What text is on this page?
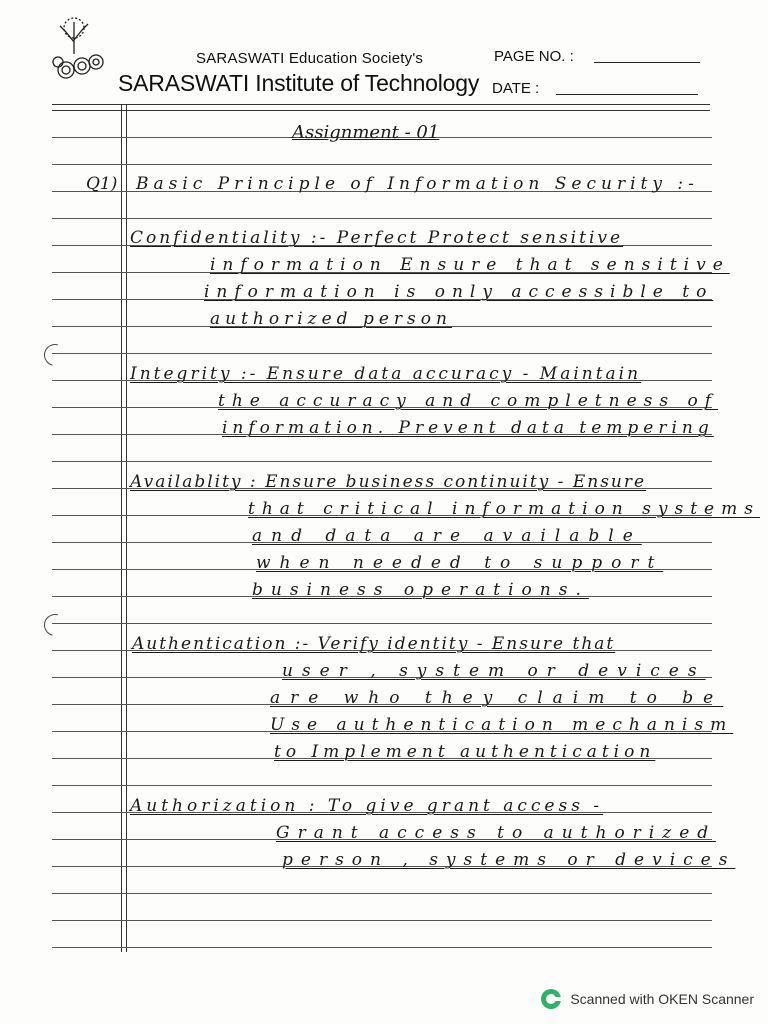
SARASWATI Education Society's
SARASWATI Institute of Technology
PAGE NO. :
DATE :
Assignment - 01
Q1) Basic Principle of Information Security :-
Confidentiality :- Perfect Protect sensitive
information Ensure that sensitive
information is only accessible to
authorized person
Integrity :- Ensure data accuracy - Maintain
the accuracy and completness of
information. Prevent data tempering
Availablity : Ensure business continuity - Ensure
that critical information systems
and data are available
when needed to support
business operations.
Authentication :- Verify identity - Ensure that
user , system or devices
are who they claim to be
Use authentication mechanism
to Implement authentication
Authorization : To give grant access -
Grant access to authorized
person , systems or devices
Scanned with OKEN Scanner
